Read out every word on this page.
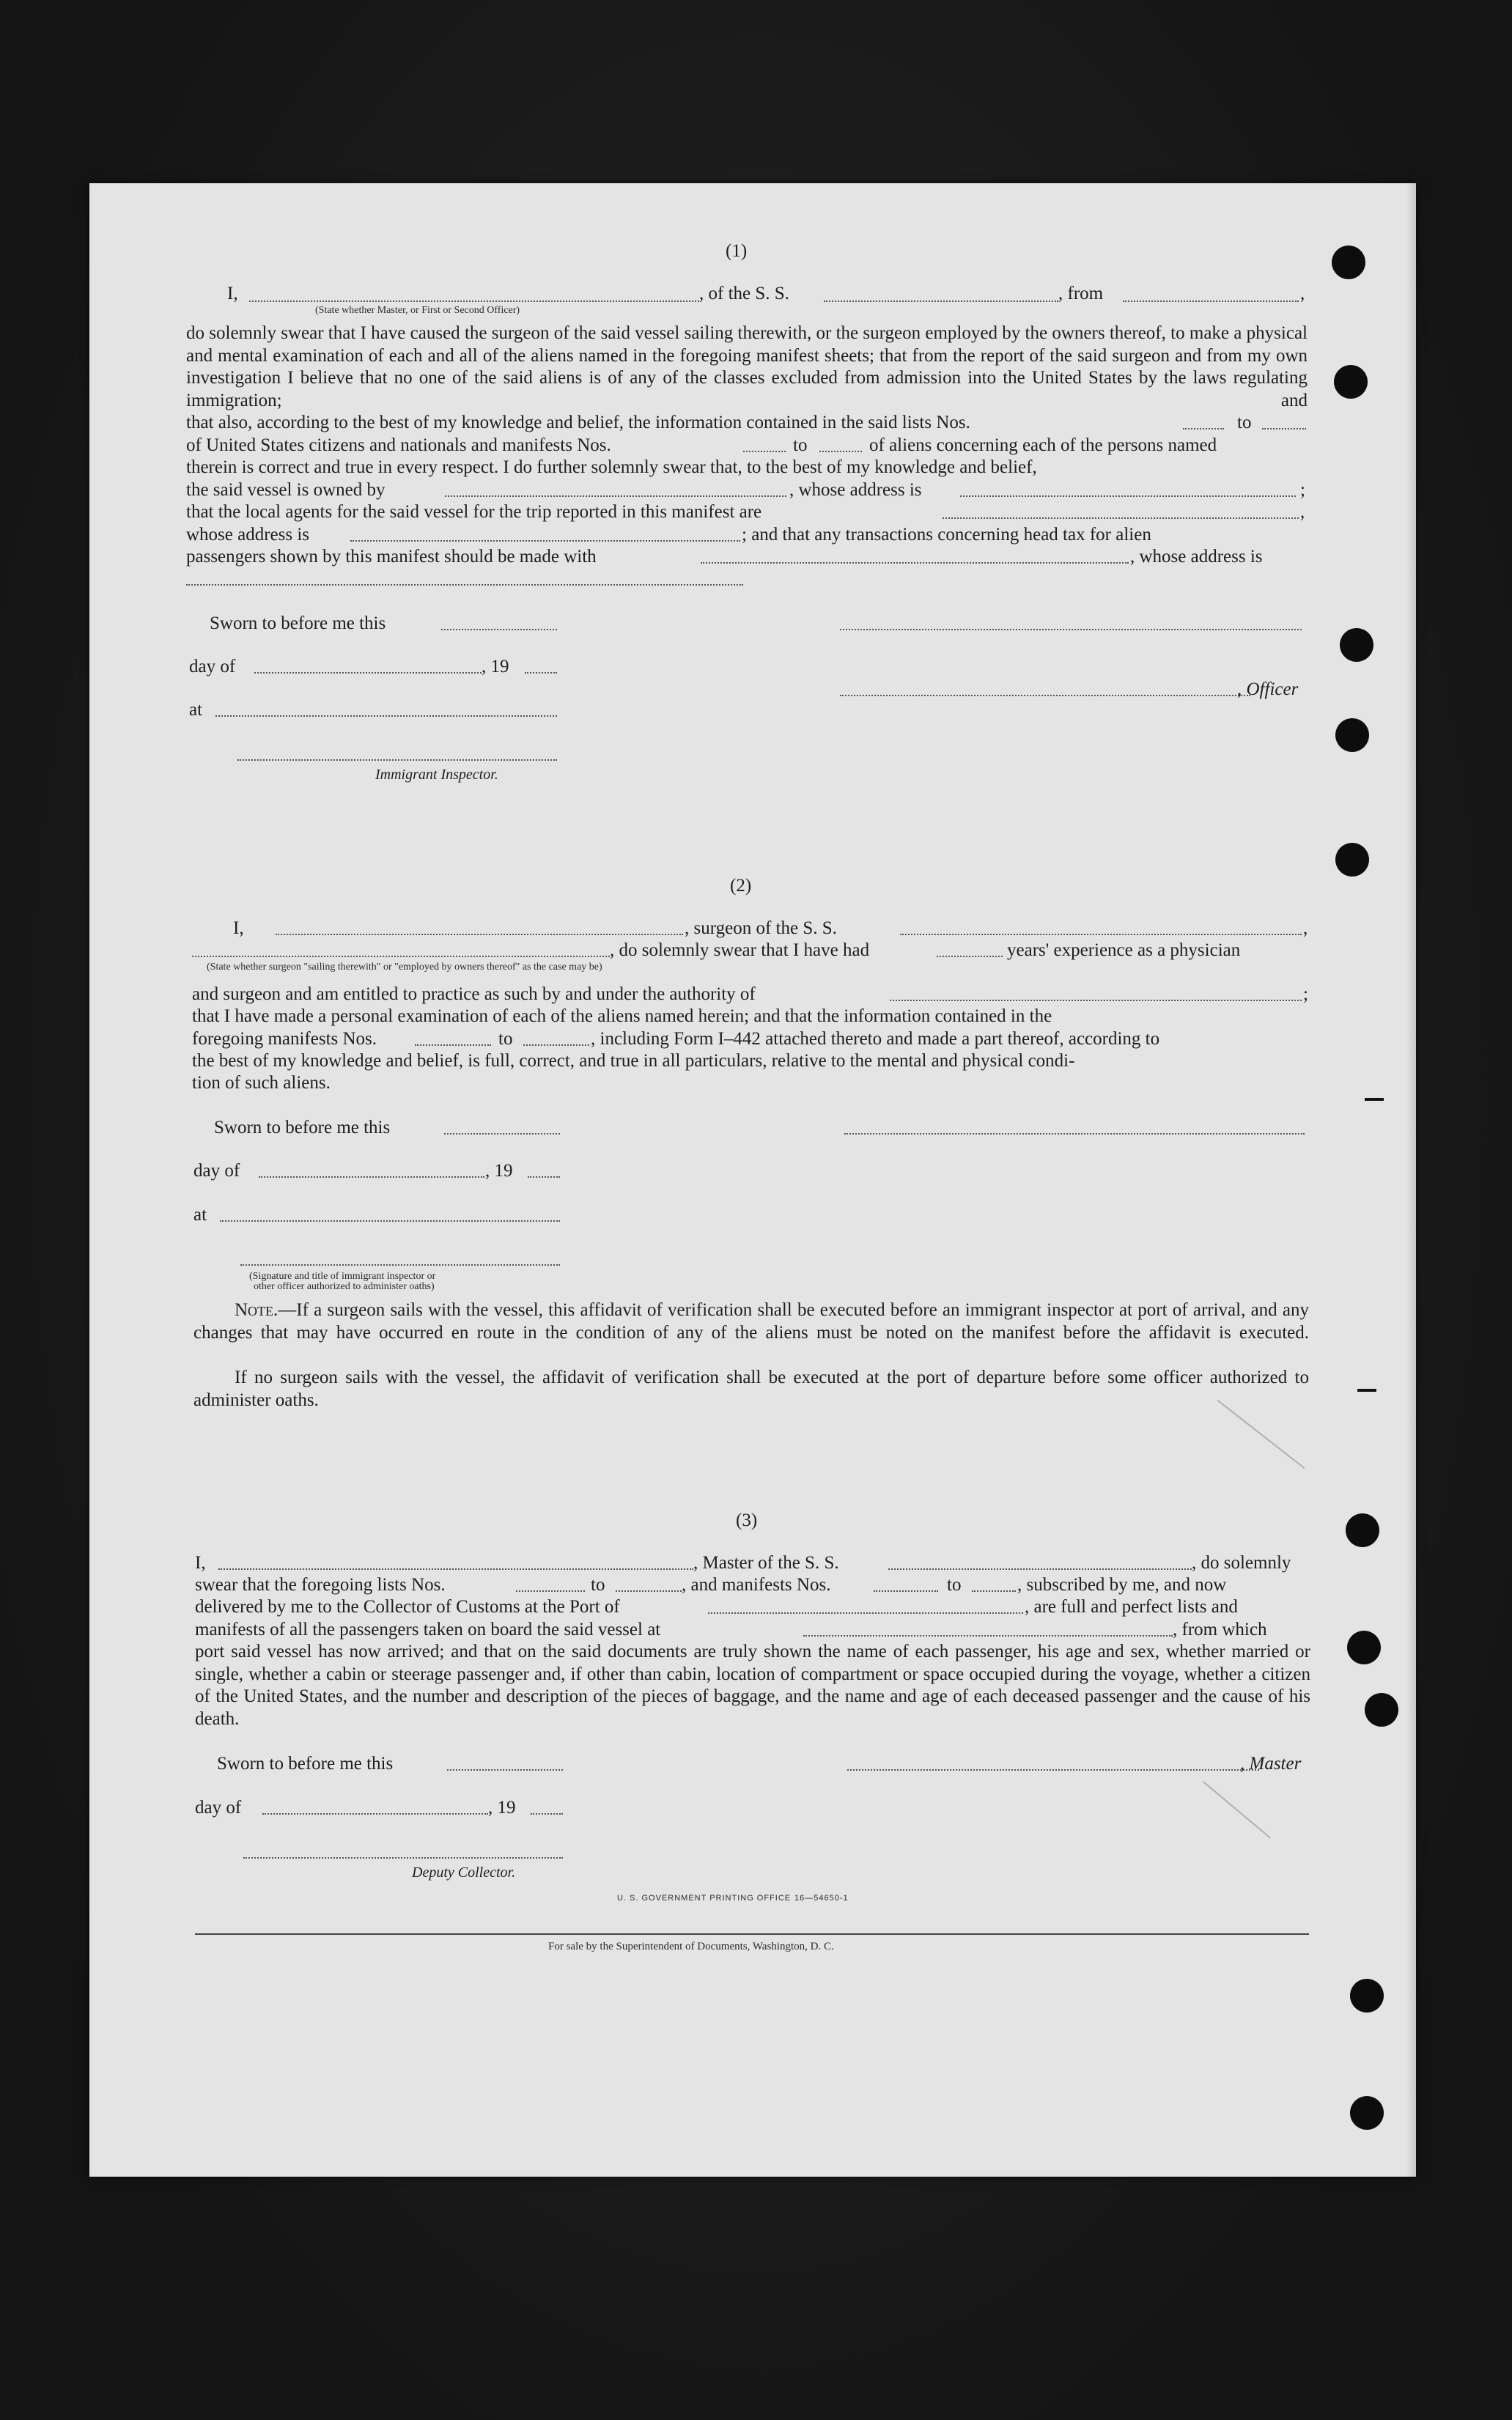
(1)
I,	, of the S. S.	, from	,
(State whether Master, or First or Second Officer)
do solemnly swear that I have caused the surgeon of the said vessel sailing therewith, or the surgeon employed by the owners thereof, to make a physical and mental examination of each and all of the aliens named in the foregoing manifest sheets; that from the report of the said surgeon and from my own investigation I believe that no one of the said aliens is of any of the classes excluded from admission into the United States by the laws regulating immigration; and
that also, according to the best of my knowledge and belief, the information contained in the said lists Nos.	to
of United States citizens and nationals and manifests Nos.	to	of aliens concerning each of the persons named
therein is correct and true in every respect. I do further solemnly swear that, to the best of my knowledge and belief,
the said vessel is owned by	, whose address is	;
that the local agents for the said vessel for the trip reported in this manifest are	,
whose address is	; and that any transactions concerning head tax for alien
passengers shown by this manifest should be made with	, whose address is
Sworn to before me this
day of	, 19
, Officer
at
Immigrant Inspector.
(2)
I,	, surgeon of the S. S.	,
, do solemnly swear that I have had	years' experience as a physician
(State whether surgeon "sailing therewith" or "employed by owners thereof" as the case may be)
and surgeon and am entitled to practice as such by and under the authority of	;
that I have made a personal examination of each of the aliens named herein; and that the information contained in the
foregoing manifests Nos.	to	, including Form I–442 attached thereto and made a part thereof, according to
the best of my knowledge and belief, is full, correct, and true in all particulars, relative to the mental and physical condi-
tion of such aliens.
Sworn to before me this
day of	, 19
at
(Signature and title of immigrant inspector or
other officer authorized to administer oaths)
Note.—If a surgeon sails with the vessel, this affidavit of verification shall be executed before an immigrant inspector at port of arrival, and any changes that may have occurred en route in the condition of any of the aliens must be noted on the manifest before the affidavit is executed.
If no surgeon sails with the vessel, the affidavit of verification shall be executed at the port of departure before some officer authorized to administer oaths.
(3)
I,	, Master of the S. S.	, do solemnly
swear that the foregoing lists Nos.	to	, and manifests Nos.	to	, subscribed by me, and now
delivered by me to the Collector of Customs at the Port of	, are full and perfect lists and
manifests of all the passengers taken on board the said vessel at	, from which
port said vessel has now arrived; and that on the said documents are truly shown the name of each passenger, his age and sex, whether married or single, whether a cabin or steerage passenger and, if other than cabin, location of compartment or space occupied during the voyage, whether a citizen of the United States, and the number and description of the pieces of baggage, and the name and age of each deceased passenger and the cause of his death.
Sworn to before me this	, Master
day of	, 19
Deputy Collector.
U. S. GOVERNMENT PRINTING OFFICE 16—54650-1
For sale by the Superintendent of Documents, Washington, D. C.
